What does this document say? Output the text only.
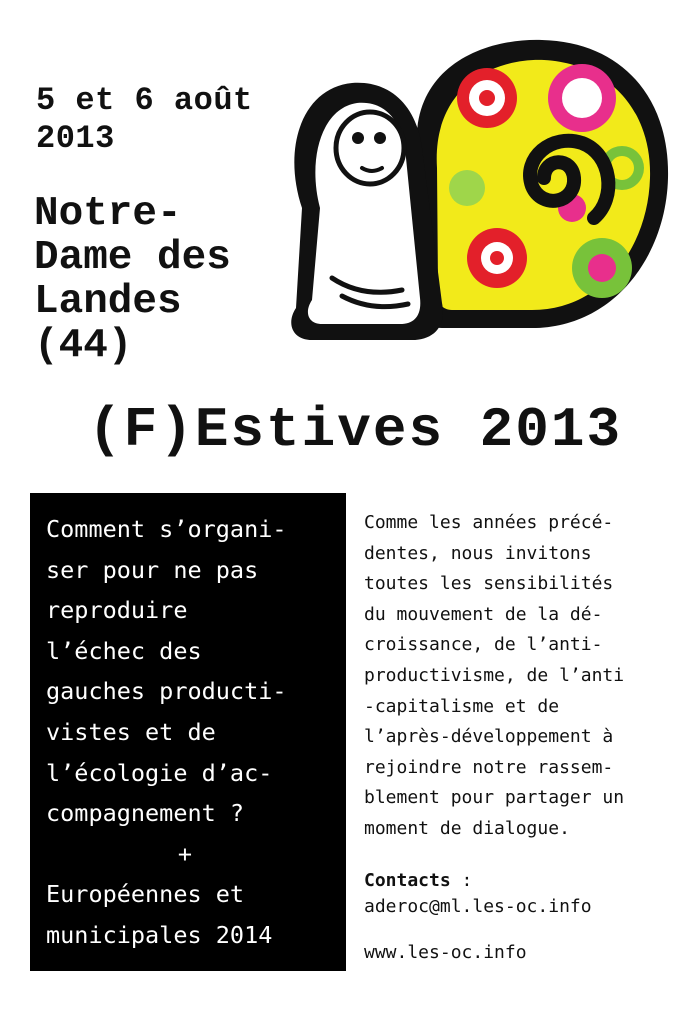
5 et 6 août
2013
Notre-
Dame des
Landes
(44)
(F)Estives 2013

Comment s’organi-
ser pour ne pas
reproduire
l’échec des
gauches producti-
vistes et de
l’écologie d’ac-
compagnement ?

+

Européennes et
municipales 2014

Comme les années précé-
dentes, nous invitons
toutes les sensibilités
du mouvement de la dé-
croissance, de l’anti-
productivisme, de l’anti
-capitalisme et de
l’après-développement à
rejoindre notre rassem-
blement pour partager un
moment de dialogue.

Contacts :
aderoc@ml.les-oc.info
www.les-oc.info
